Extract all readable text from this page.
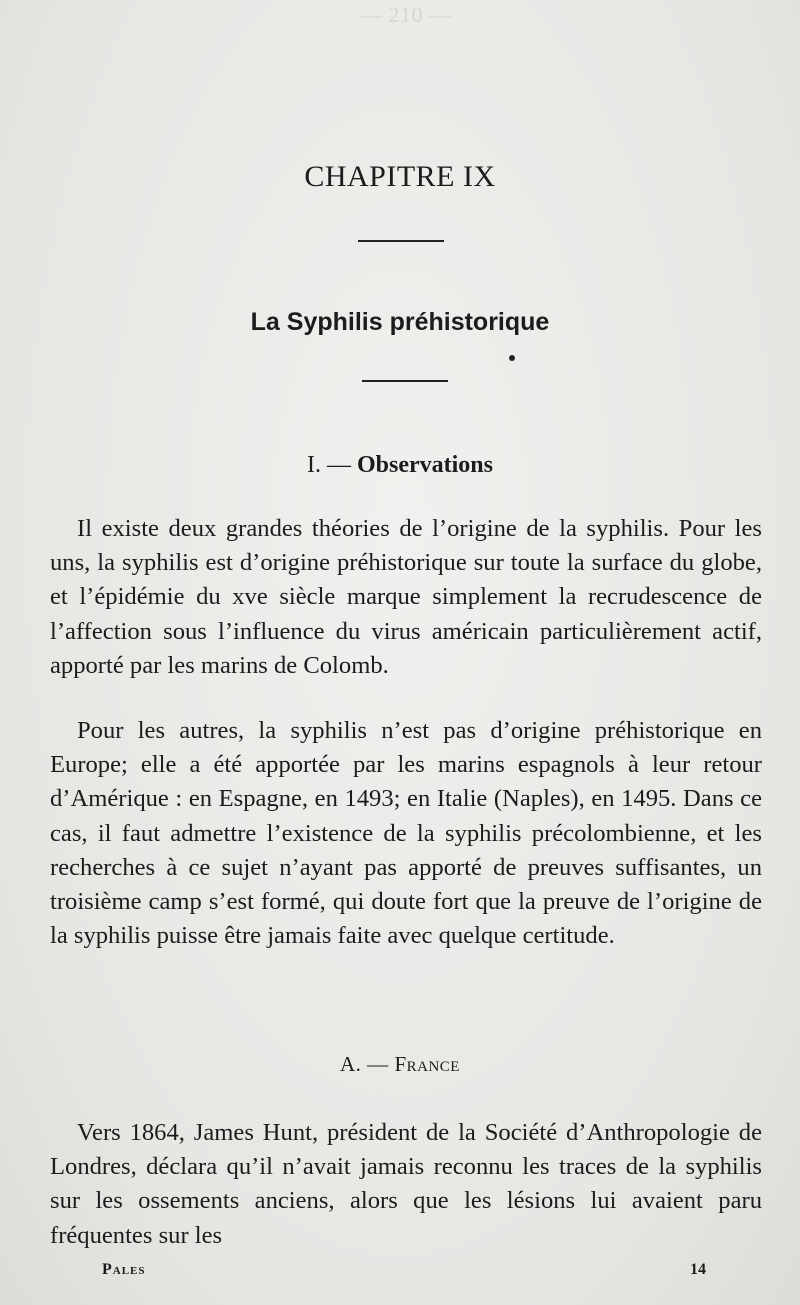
— 210 —
CHAPITRE IX
La Syphilis préhistorique
I. — Observations

Il existe deux grandes théories de l’origine de la syphilis. Pour les uns, la syphilis est d’origine préhistorique sur toute la surface du globe, et l’épidémie du xve siècle marque simplement la recrudescence de l’affection sous l’influence du virus américain particulièrement actif, apporté par les marins de Colomb.

Pour les autres, la syphilis n’est pas d’origine préhistorique en Europe; elle a été apportée par les marins espagnols à leur retour d’Amérique : en Espagne, en 1493; en Italie (Naples), en 1495. Dans ce cas, il faut admettre l’existence de la syphilis précolombienne, et les recherches à ce sujet n’ayant pas apporté de preuves suffisantes, un troisième camp s’est formé, qui doute fort que la preuve de l’origine de la syphilis puisse être jamais faite avec quelque certitude.

A. — France

Vers 1864, James Hunt, président de la Société d’Anthropologie de Londres, déclara qu’il n’avait jamais reconnu les traces de la syphilis sur les ossements anciens, alors que les lésions lui avaient paru fréquentes sur les

Pales	14
